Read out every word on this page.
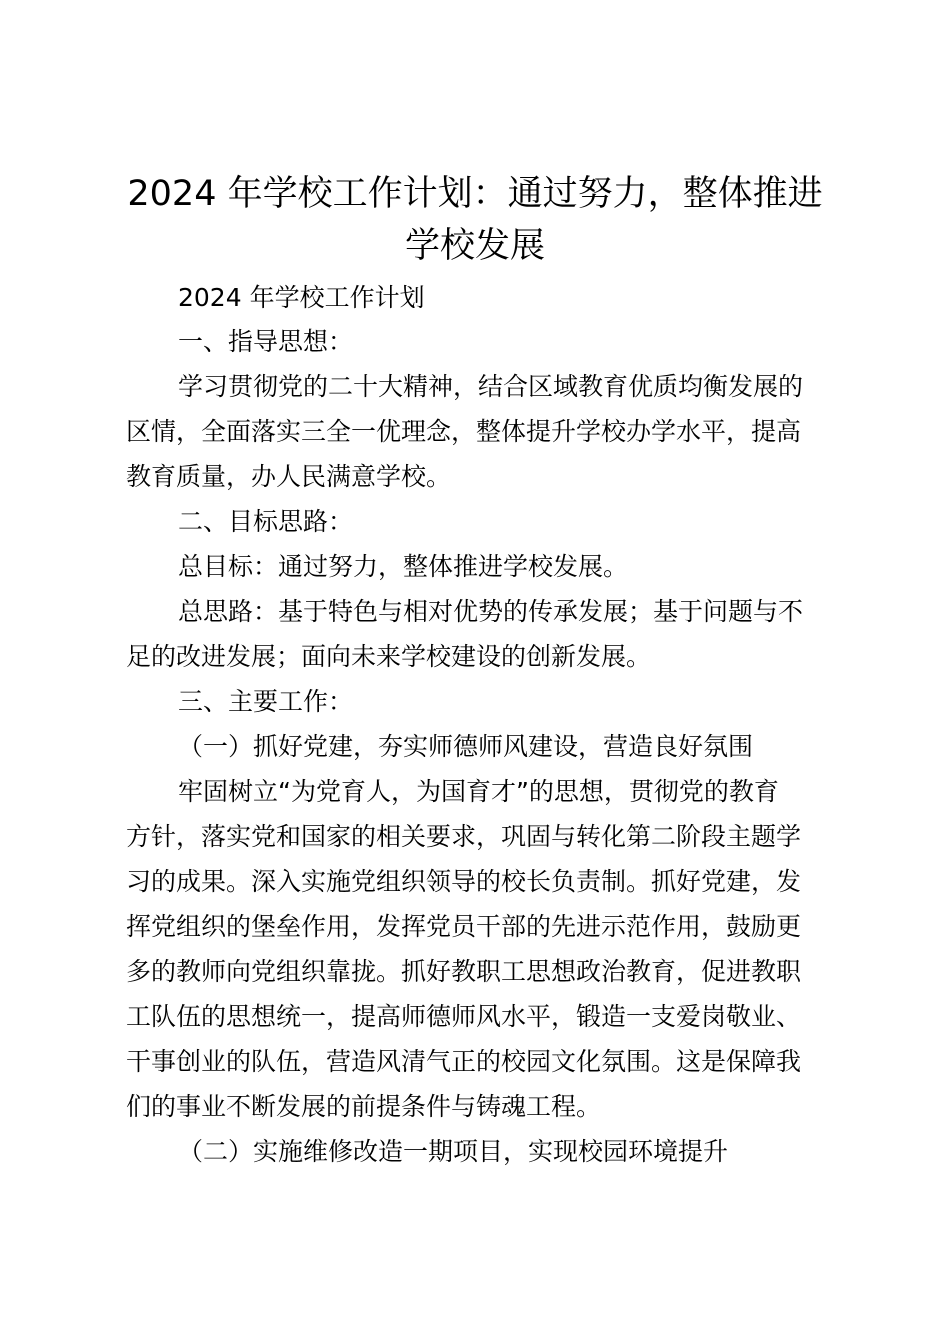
2024 年学校工作计划：通过努力，整体推进
学校发展
2024 年学校工作计划
一、指导思想：
学习贯彻党的二十大精神，结合区域教育优质均衡发展的
区情，全面落实三全一优理念，整体提升学校办学水平，提高
教育质量，办人民满意学校。
二、目标思路：
总目标：通过努力，整体推进学校发展。
总思路：基于特色与相对优势的传承发展；基于问题与不
足的改进发展；面向未来学校建设的创新发展。
三、主要工作：
（一）抓好党建，夯实师德师风建设，营造良好氛围
牢固树立“为党育人，为国育才”的思想，贯彻党的教育
方针，落实党和国家的相关要求，巩固与转化第二阶段主题学
习的成果。深入实施党组织领导的校长负责制。抓好党建，发
挥党组织的堡垒作用，发挥党员干部的先进示范作用，鼓励更
多的教师向党组织靠拢。抓好教职工思想政治教育，促进教职
工队伍的思想统一，提高师德师风水平，锻造一支爱岗敬业、
干事创业的队伍，营造风清气正的校园文化氛围。这是保障我
们的事业不断发展的前提条件与铸魂工程。
（二）实施维修改造一期项目，实现校园环境提升
